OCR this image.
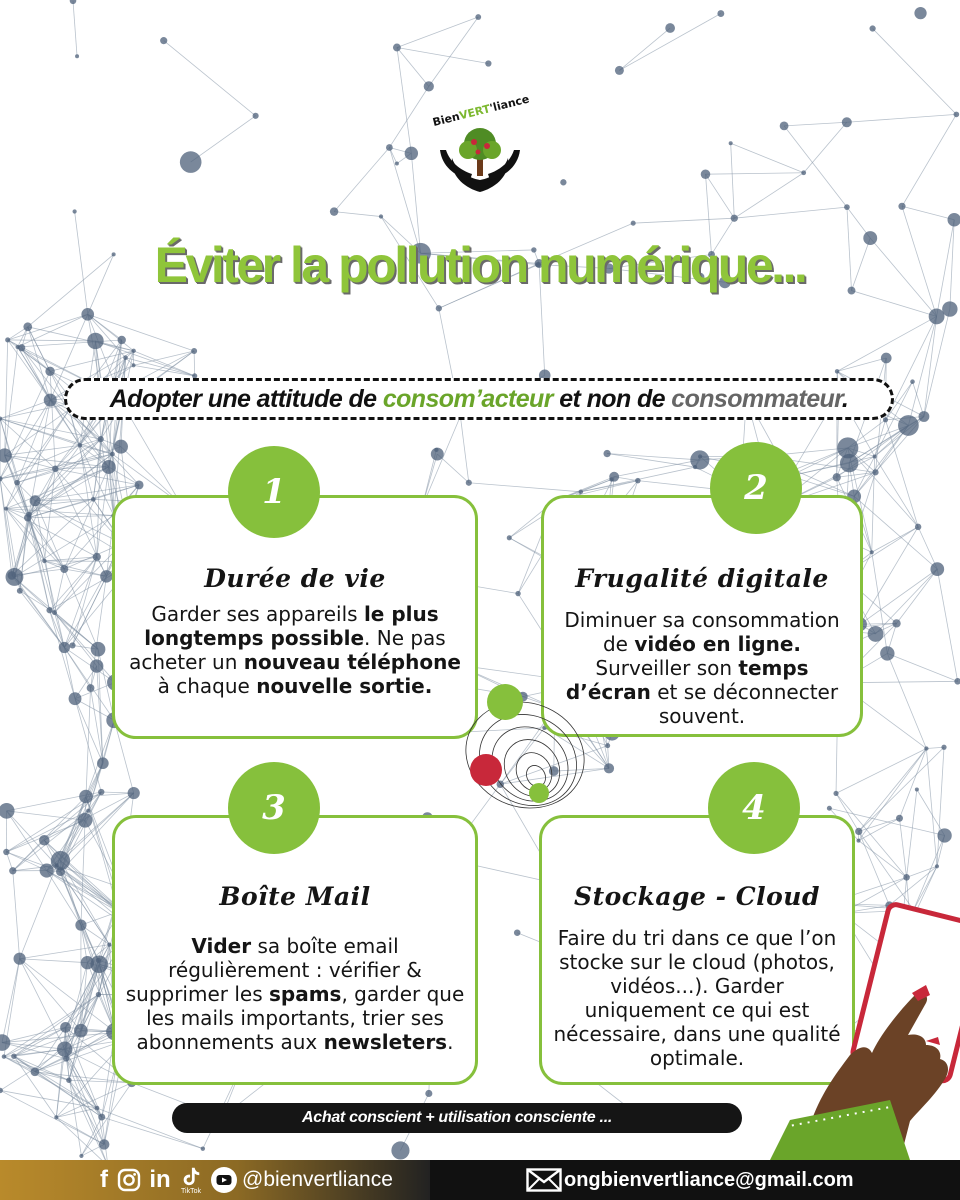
BienVERT'liance
Éviter la pollution numérique...
Adopter une attitude de consom’acteur et non de consommateur.
Durée de vie
Garder ses appareils le plus longtemps possible. Ne pas acheter un nouveau téléphone à chaque nouvelle sortie.
1
Frugalité digitale
Diminuer sa consommation de vidéo en ligne. Surveiller son temps d’écran et se déconnecter souvent.
2
Boîte Mail
Vider sa boîte email régulièrement : vérifier & supprimer les spams, garder que les mails importants, trier ses abonnements aux newsleters.
3
Stockage - Cloud
Faire du tri dans ce que l’on stocke sur le cloud (photos, vidéos...). Garder uniquement ce qui est nécessaire, dans une qualité optimale.
4
Achat conscient + utilisation consciente ...
f in	TikTok
@bienvertliance	ongbienvertliance@gmail.com
